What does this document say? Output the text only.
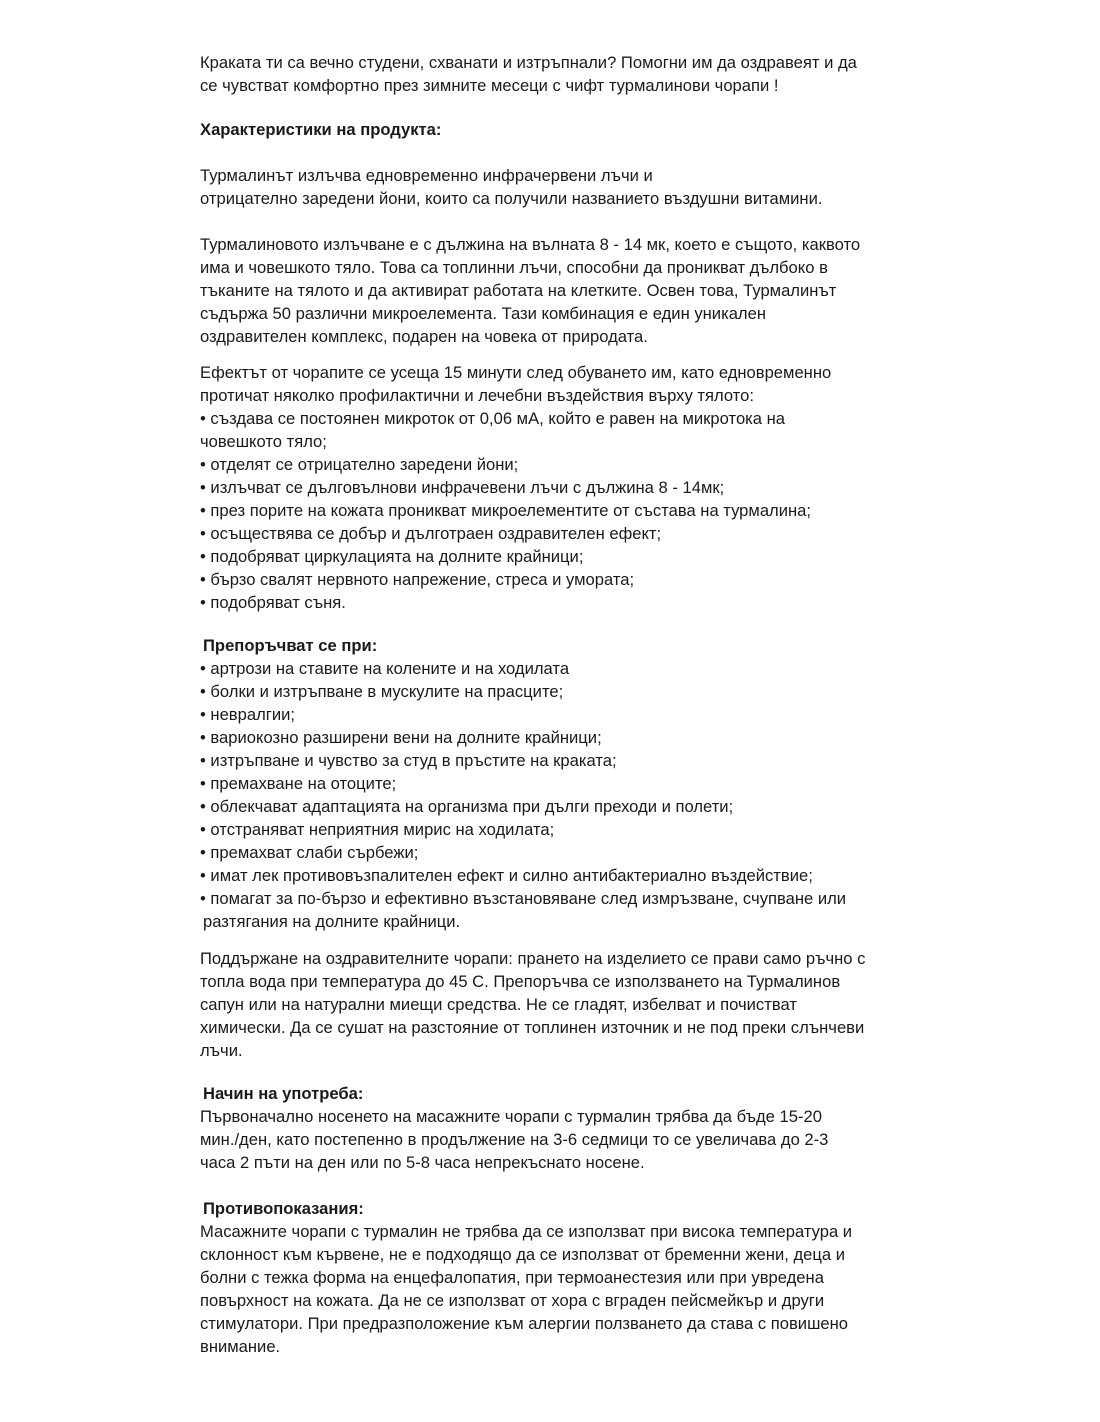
Краката ти са вечно студени, схванати и изтръпнали? Помогни им да оздравеят и да
се чувстват комфортно през зимните месеци с чифт турмалинови чорапи !
Характеристики на продукта:
Турмалинът излъчва едновременно инфрачервени лъчи и
отрицателно заредени йони, които са получили названието въздушни витамини.
Турмалиновото излъчване е с дължина на вълната 8 - 14 мк, което е същото, каквото
има и човешкото тяло. Това са топлинни лъчи, способни да проникват дълбоко в
тъканите на тялото и да активират работата на клетките. Освен това, Турмалинът
съдържа 50 различни микроелемента. Тази комбинация е един уникален
оздравителен комплекс, подарен на човека от природата.
Ефектът от чорапите се усеща 15 минути след обуването им, като едновременно
протичат няколко профилактични и лечебни въздействия върху тялото:
• създава се постоянен микроток от 0,06 мА, който е равен на микротока на
човешкото тяло;
• отделят се отрицателно заредени йони;
• излъчват се дълговълнови инфрачевени лъчи с дължина 8 - 14мк;
• през порите на кожата проникват микроелементите от състава на турмалина;
• осъществява се добър и дълготраен оздравителен ефект;
• подобряват циркулацията на долните крайници;
• бързо свалят нервното напрежение, стреса и умората;
• подобряват съня.
Препоръчват се при:
• артрози на ставите на колените и на ходилата
• болки и изтръпване в мускулите на прасците;
• невралгии;
• вариокозно разширени вени на долните крайници;
• изтръпване и чувство за студ в пръстите на краката;
• премахване на отоците;
• облекчават адаптацията на организма при дълги преходи и полети;
• отстраняват неприятния мирис на ходилата;
• премахват слаби сърбежи;
• имат лек противовъзпалителен ефект и силно антибактериално въздействие;
• помагат за по-бързо и ефективно възстановяване след измръзване, счупване или
разтягания на долните крайници.
Поддържане на оздравителните чорапи: прането на изделието се прави само ръчно с
топла вода при температура до 45 С. Препоръчва се използването на Турмалинов
сапун или на натурални миещи средства. Не се гладят, избелват и почистват
химически. Да се сушат на разстояние от топлинен източник и не под преки слънчеви
лъчи.
Начин на употреба:
Първоначално носенето на масажните чорапи с турмалин трябва да бъде 15-20
мин./ден, като постепенно в продължение на 3-6 седмици то се увеличава до 2-3
часа 2 пъти на ден или по 5-8 часа непрекъснато носене.
Противопоказания:
Масажните чорапи с турмалин не трябва да се използват при висока температура и
склонност към кървене, не е подходящо да се използват от бременни жени, деца и
болни с тежка форма на енцефалопатия, при термоанестезия или при увредена
повърхност на кожата. Да не се използват от хора с вграден пейсмейкър и други
стимулатори. При предразположение към алергии ползването да става с повишено
внимание.
